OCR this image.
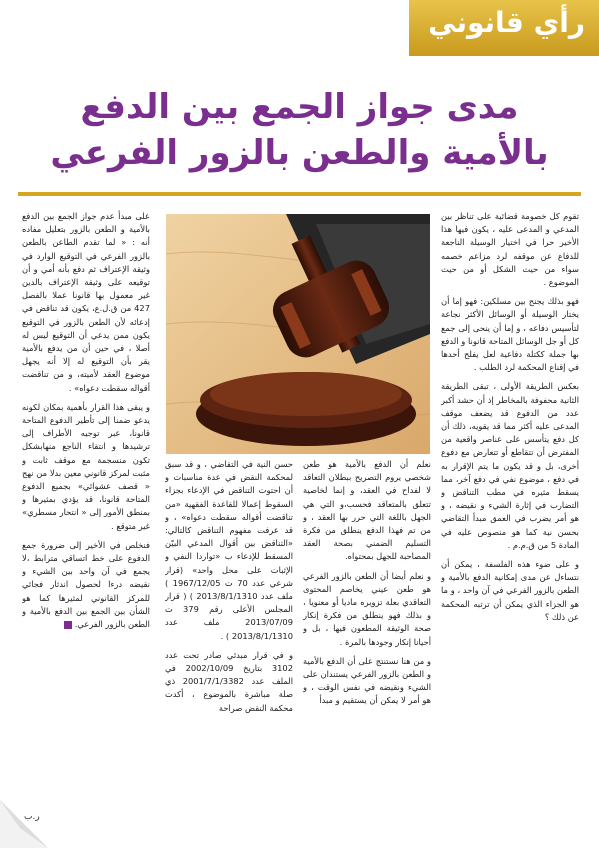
رأي قانوني
مدى جواز الجمع بين الدفع
بالأمية والطعن بالزور الفرعي

تقوم كل خصومة قضائية على تناظر بين المدعي و المدعى عليه ، يكون فيها هذا الأخير حرا في اختيار الوسيلة الناجعة للدفاع عن موقفه لرد مزاعم خصمه سواء من حيث الشكل أو من حيث الموضوع .

فهو بذلك يجنح بين مسلكين: فهو إما أن يختار الوسيلة أو الوسائل الأكثر نجاعة لتأسيس دفاعه ، و إما أن ينحى إلى جمع كل أو جل الوسائل المتاحة قانونا و الدفع بها جملة ككتلة دفاعية لعل يفلح أحدها في إقناع المحكمة لرد الطلب .

بعكس الطريقة الأولى ، تبقى الطريقة الثانية محفوفة بالمخاطر إذ أن حشد أكبر عدد من الدفوع قد يضعف موقف المدعى عليه أكثر مما قد يقويه، ذلك أن كل دفع يتأسس على عناصر واقعية من المفترض أن تتقاطع أو تتعارض مع دفوع أخرى، بل و قد يكون ما يتم الإقرار به في دفع ، موضوع نفي في دفع آخر، مما يسقط مثيره في مطب التناقض و التضارب في إثارة الشيء و نقيضه ، و هو أمر يضرب في العمق مبدأ التقاضي بحسن نية كما هو منصوص عليه في المادة 5 من ق.م.م .

و على ضوء هذه الفلسفة ، يمكن أن نتساءل عن مدى إمكانية الدفع بالأمية و الطعن بالزور الفرعي في آن واحد ، و ما هو الجزاء الذي يمكن أن ترتبه المحكمة عن ذلك ؟

نعلم أن الدفع بالأمية هو طعن شخصي يروم التصريح ببطلان التعاقد لا لفداح في العقد، و إنما لخاصية تتعلق بالمتعاقد فحسب،و التي هي الجهل باللغة التي حرر بها العقد ، و من تم فهذا الدفع ينطلق من فكرة التسليم الضمني بصحة العقد المصاحبة للجهل بمحتواه.

و نعلم أيضا أن الطعن بالزور الفرعي هو طعن عيني يخاصم المحتوى التعاقدي بعلة تزويره ماديا أو معنويا ، و بذلك فهو ينطلق من فكرة إنكار صحة الوثيقة المطعون فيها ، بل و أحيانا إنكار وجودها بالمرة .

و من هنا نستنتج على أن الدفع بالأمية و الطعن بالزور الفرعي يستندان على الشيء ونقيضه في نفس الوقت ، و هو أمر لا يمكن أن يستقيم و مبدأ

حسن النية في التقاضي ، و قد سبق لمحكمة النقض في عدة مناسبات و أن احتوت التناقض في الإدعاء بجزاء السقوط إعمالا للقاعدة الفقهية «من تناقضت أقواله سقطت دعواه» ، و قد عرفت مفهوم التناقض كالتالي: «التناقض بين أقوال المدعي البيّن المسقط للإدعاء ب «تواردا النفي و الإثبات على محل واحد» (قرار شرعي عدد 70 ت 1967/12/05 ) ملف عدد 2013/8/1/1310 ) ( قرار المجلس الأعلى رقم 379 ت 2013/07/09 ملف عدد 2013/8/1/1310 ) .

و في قرار مبدئي صادر تحت عدد 3102 بتاريخ 2002/10/09 في الملف عدد 2001/7/1/3382 ذي صلة مباشرة بالموضوع ، أكدت محكمة النقض صراحة

على مبدأ عدم جواز الجمع بين الدفع بالأمية و الطعن بالزور بتعليل مفاده أنه : « لما تقدم الطاعن بالطعن بالزور الفرعي في التوقيع الوارد في وثيقة الإعتراف ثم دفع بأنه أمي و أن توقيعه على وثيقة الإعتراف بالدين غير معمول بها قانونا عملا بالفصل 427 من ق.ل.ع، يكون قد تناقض في إدعائه لأن الطعن بالزور في التوقيع يكون ممن يدعي أن التوقيع ليس له أصلا ، في حين أن من يدفع بالأمية يقر بأن التوقيع له إلا أنه يجهل موضوع العقد لأميته، و من تناقضت أقواله سقطت دعواه» .

و يبقى هذا القرار بأهمية بمكان لكونه يدعو ضمنا إلى تأطير الدفوع المتاحة قانونا، عبر توجيه الأطراف إلى ترشيدها و انتقاء الناجع منهابشكل تكون منسجمة مع موقف ثابت و مثبت لمركز قانوني معين بدلا من نهج « قصف عشوائي» بجميع الدفوع المتاحة قانونا، قد يؤدي بمثيرها و بمنطق الأمور إلى « انتحار مسطري» غير متوقع .

فنخلص في الأخير إلى ضرورة جمع الدفوع على خط اتساقي مترابط ،لا يجمع في آن واحد بين الشيء و نقيضه درءا لحصول اندثار فجائي للمركز القانوني لمثيرها كما هو الشأن بين الجمع بين الدفع بالأمية و الطعن بالزور الفرعي.

ر.ب
